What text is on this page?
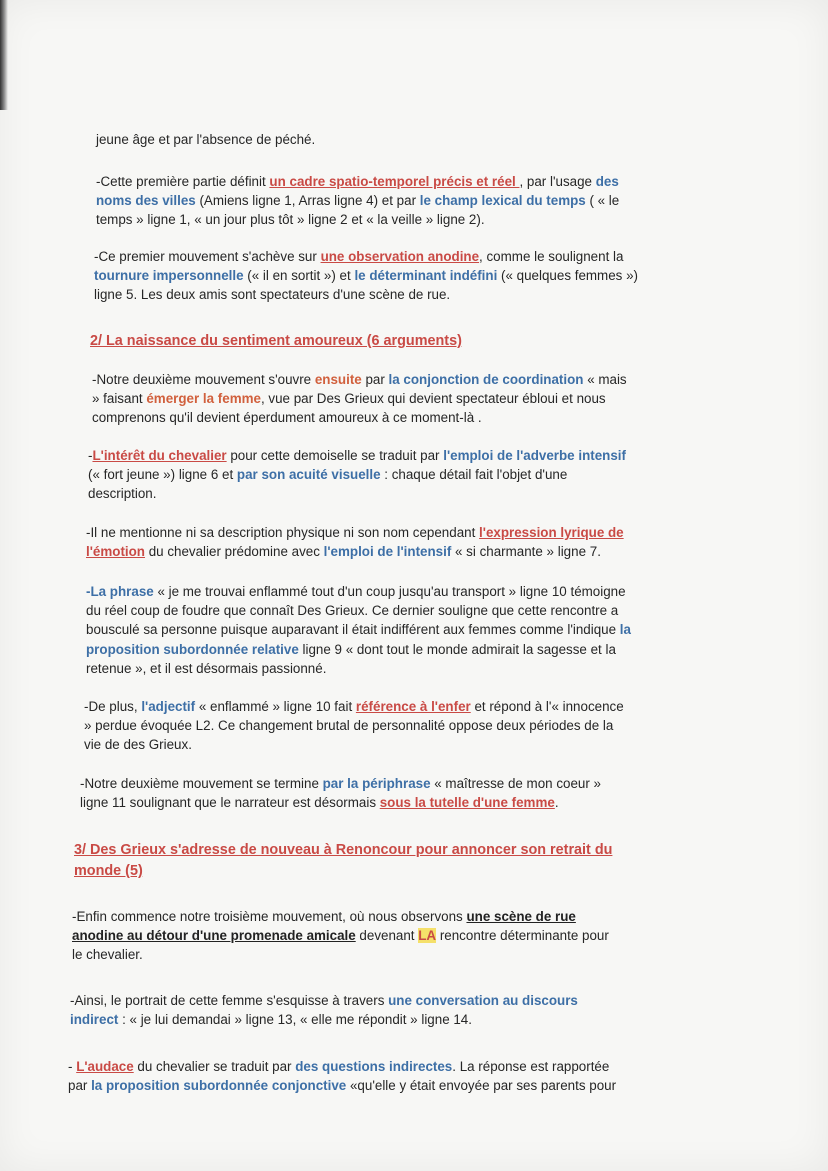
jeune âge et par l'absence de péché.
-Cette première partie définit un cadre spatio-temporel précis et réel , par l'usage des
noms des villes (Amiens ligne 1, Arras ligne 4) et par le champ lexical du temps ( « le
temps » ligne 1, « un jour plus tôt » ligne 2 et « la veille » ligne 2).
-Ce premier mouvement s'achève sur une observation anodine, comme le soulignent la
tournure impersonnelle (« il en sortit ») et le déterminant indéfini (« quelques femmes »)
ligne 5. Les deux amis sont spectateurs d'une scène de rue.
2/ La naissance du sentiment amoureux (6 arguments)
-Notre deuxième mouvement s'ouvre ensuite par la conjonction de coordination « mais
» faisant émerger la femme, vue par Des Grieux qui devient spectateur ébloui et nous
comprenons qu'il devient éperdument amoureux à ce moment-là .
-L'intérêt du chevalier pour cette demoiselle se traduit par l'emploi de l'adverbe intensif
(« fort jeune ») ligne 6 et par son acuité visuelle : chaque détail fait l'objet d'une
description.
-Il ne mentionne ni sa description physique ni son nom cependant l'expression lyrique de
l'émotion du chevalier prédomine avec l'emploi de l'intensif « si charmante » ligne 7.
-La phrase « je me trouvai enflammé tout d'un coup jusqu'au transport » ligne 10 témoigne
du réel coup de foudre que connaît Des Grieux. Ce dernier souligne que cette rencontre a
bousculé sa personne puisque auparavant il était indifférent aux femmes comme l'indique la
proposition subordonnée relative ligne 9 « dont tout le monde admirait la sagesse et la
retenue », et il est désormais passionné.
-De plus, l'adjectif « enflammé » ligne 10 fait référence à l'enfer et répond à l'« innocence
» perdue évoquée L2. Ce changement brutal de personnalité oppose deux périodes de la
vie de des Grieux.
-Notre deuxième mouvement se termine par la périphrase « maîtresse de mon coeur »
ligne 11 soulignant que le narrateur est désormais sous la tutelle d'une femme.
3/ Des Grieux s'adresse de nouveau à Renoncour pour annoncer son retrait du
monde (5)
-Enfin commence notre troisième mouvement, où nous observons une scène de rue
anodine au détour d'une promenade amicale devenant LA rencontre déterminante pour
le chevalier.
-Ainsi, le portrait de cette femme s'esquisse à travers une conversation au discours
indirect : « je lui demandai » ligne 13, « elle me répondit » ligne 14.
- L'audace du chevalier se traduit par des questions indirectes. La réponse est rapportée
par la proposition subordonnée conjonctive «qu'elle y était envoyée par ses parents pour
